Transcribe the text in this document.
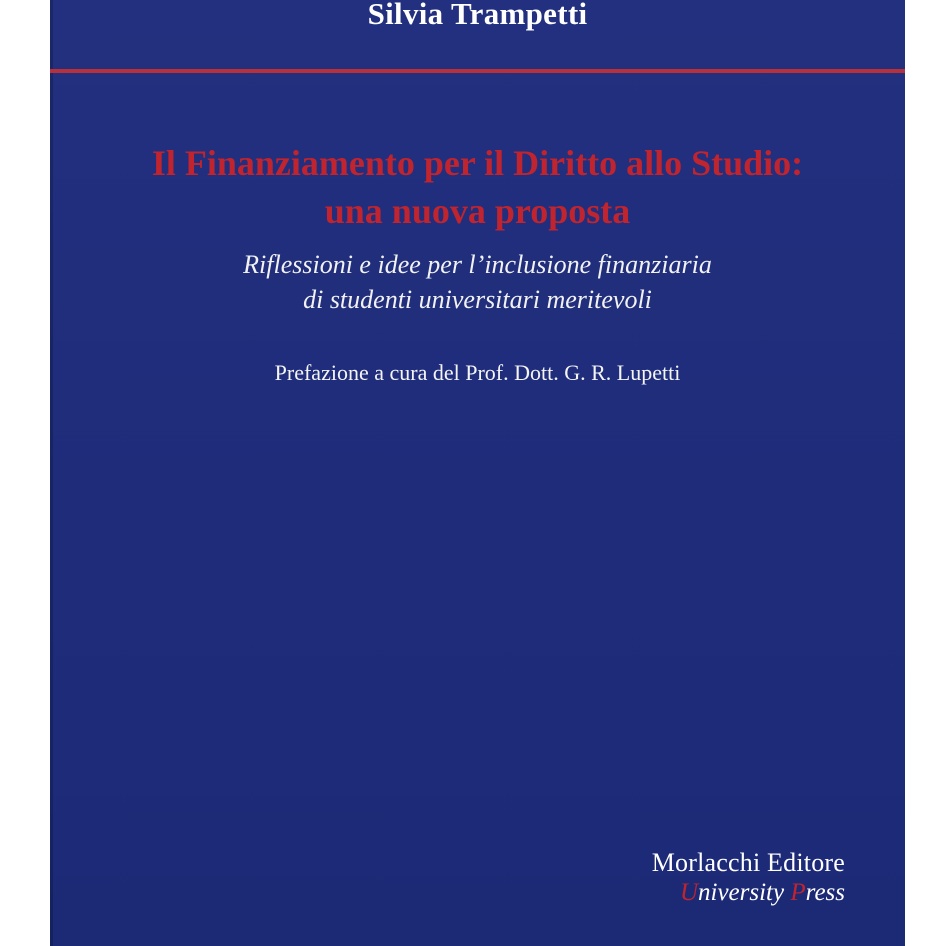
Silvia Trampetti
Il Finanziamento per il Diritto allo Studio:
una nuova proposta
Riflessioni e idee per l’inclusione finanziaria
di studenti universitari meritevoli
Prefazione a cura del Prof. Dott. G. R. Lupetti
Morlacchi Editore
University Press
